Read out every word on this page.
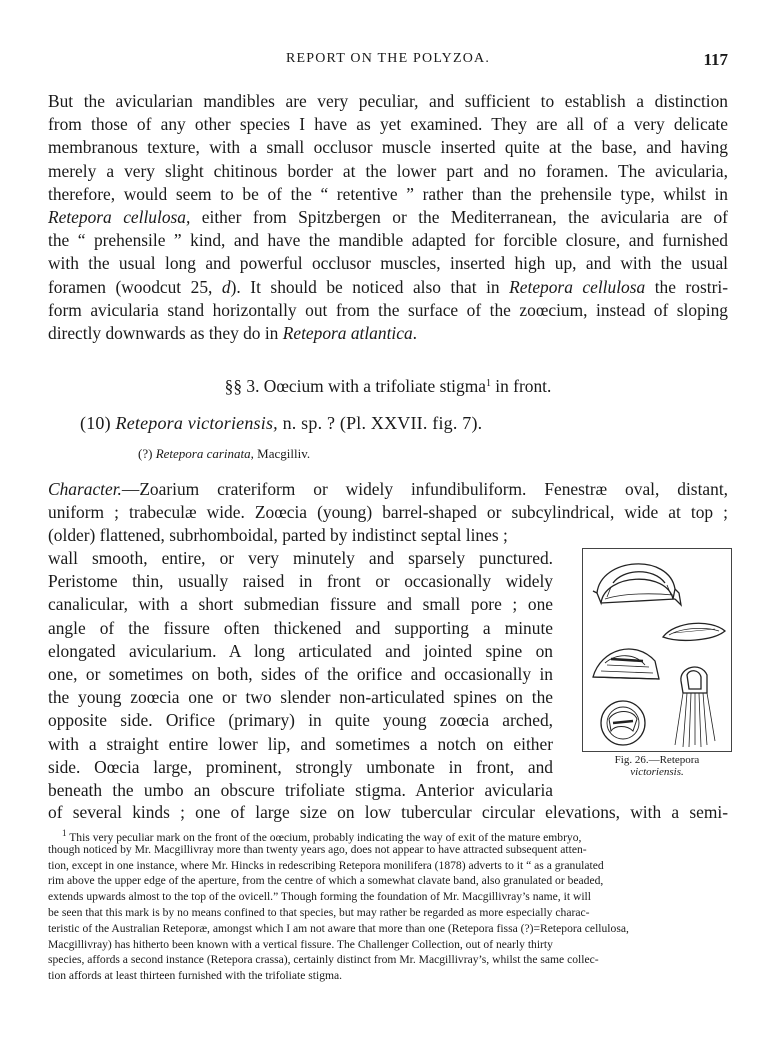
REPORT ON THE POLYZOA.	117
But the avicularian mandibles are very peculiar, and sufficient to establish a distinction
from those of any other species I have as yet examined. They are all of a very delicate
membranous texture, with a small occlusor muscle inserted quite at the base, and having
merely a very slight chitinous border at the lower part and no foramen. The avicularia,
therefore, would seem to be of the “ retentive ” rather than the prehensile type, whilst in
Retepora cellulosa, either from Spitzbergen or the Mediterranean, the avicularia are of
the “ prehensile ” kind, and have the mandible adapted for forcible closure, and furnished
with the usual long and powerful occlusor muscles, inserted high up, and with the usual
foramen (woodcut 25, d). It should be noticed also that in Retepora cellulosa the rostri-
form avicularia stand horizontally out from the surface of the zoœcium, instead of sloping
directly downwards as they do in Retepora atlantica.
§§ 3. Oœcium with a trifoliate stigma$^1$ in front.
(10) Retepora victoriensis, n. sp. ? (Pl. XXVII. fig. 7).
(?) Retepora carinata, Macgilliv.
Character.—Zoarium crateriform or widely infundibuliform. Fenestræ oval, distant,
uniform ; trabeculæ wide. Zoœcia (young) barrel-shaped or subcylindrical, wide at top ;
(older) flattened, subrhomboidal, parted by indistinct septal lines ;
wall smooth, entire, or very minutely and sparsely punctured.
Peristome thin, usually raised in front or occasionally widely
canalicular, with a short submedian fissure and small pore ; one
angle of the fissure often thickened and supporting a minute
elongated avicularium. A long articulated and jointed spine on
one, or sometimes on both, sides of the orifice and occasionally in
the young zoœcia one or two slender non-articulated spines on the
opposite side. Orifice (primary) in quite young zoœcia arched,
with a straight entire lower lip, and sometimes a notch on either
side. Oœcia large, prominent, strongly umbonate in front, and
beneath the umbo an obscure trifoliate stigma. Anterior avicularia
of several kinds ; one of large size on low tubercular circular elevations, with a semi-
Fig. 26.—Retepora
victoriensis.
$^1$ This very peculiar mark on the front of the oœcium, probably indicating the way of exit of the mature embryo,
though noticed by Mr. Macgillivray more than twenty years ago, does not appear to have attracted subsequent atten-
tion, except in one instance, where Mr. Hincks in redescribing Retepora monilifera (1878) adverts to it “ as a granulated
rim above the upper edge of the aperture, from the centre of which a somewhat clavate band, also granulated or beaded,
extends upwards almost to the top of the ovicell.” Though forming the foundation of Mr. Macgillivray’s name, it will
be seen that this mark is by no means confined to that species, but may rather be regarded as more especially charac-
teristic of the Australian Reteporæ, amongst which I am not aware that more than one (Retepora fissa (?)=Retepora cellulosa,
Macgillivray) has hitherto been known with a vertical fissure. The Challenger Collection, out of nearly thirty
species, affords a second instance (Retepora crassa), certainly distinct from Mr. Macgillivray’s, whilst the same collec-
tion affords at least thirteen furnished with the trifoliate stigma.
